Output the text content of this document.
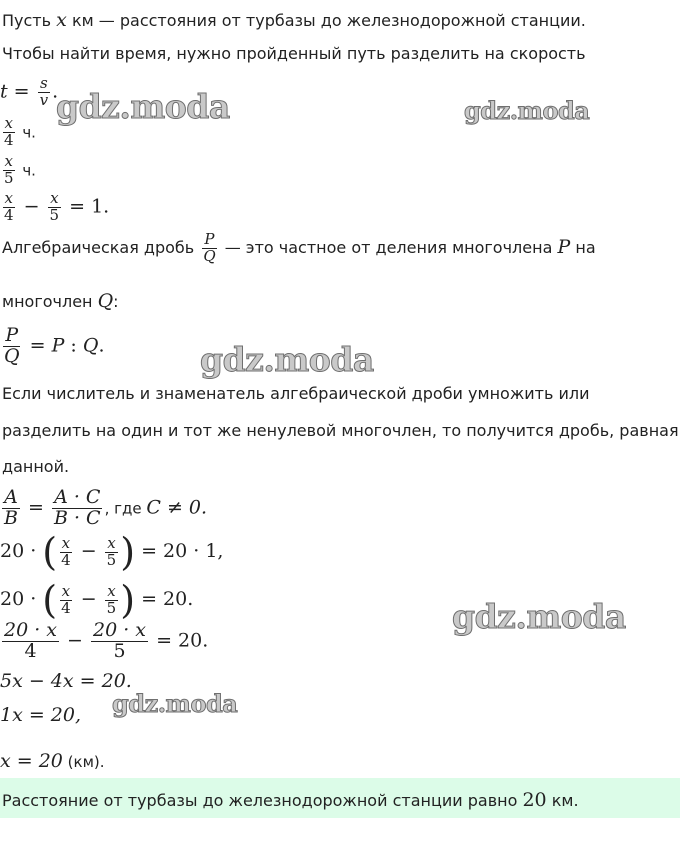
Пусть x км — расстояния от турбазы до железнодорожной станции.
Чтобы найти время, нужно пройденный путь разделить на скорость
$t = \frac{s}{v}$ .
$\frac{x}{4} ч$.
$\frac{x}{5} ч$.
$\frac{x}{4} - \frac{x}{5} = 1$.
Алгебраическая дробь $\frac{P}{Q}$ — это частное от деления многочлена P на
многочлен Q:
$\frac{P}{Q} = P$ : Q.
Если числитель и знаменатель алгебраической дроби умножить или
разделить на один и тот же ненулевой многочлен, то получится дробь, равная
данной.
$\frac{A}{B} = \frac{A \cdot C}{B \cdot C}$ , где C ≠ 0.
20 · ( $\frac{x}{4} - \frac{x}{5}$ ) = 20 · 1,
20 · ( $\frac{x}{4} - \frac{x}{5}$ ) = 20.
$\frac{20 \cdot x}{4} - \frac{20 \cdot x}{5} = 20$.
5x − 4x = 20.
1x = 20,
x = 20 (км).
Расстояние от турбазы до железнодорожной станции равно 20 км.
gdz.moda	gdz.moda
gdz.moda
gdz.moda
gdz.moda
